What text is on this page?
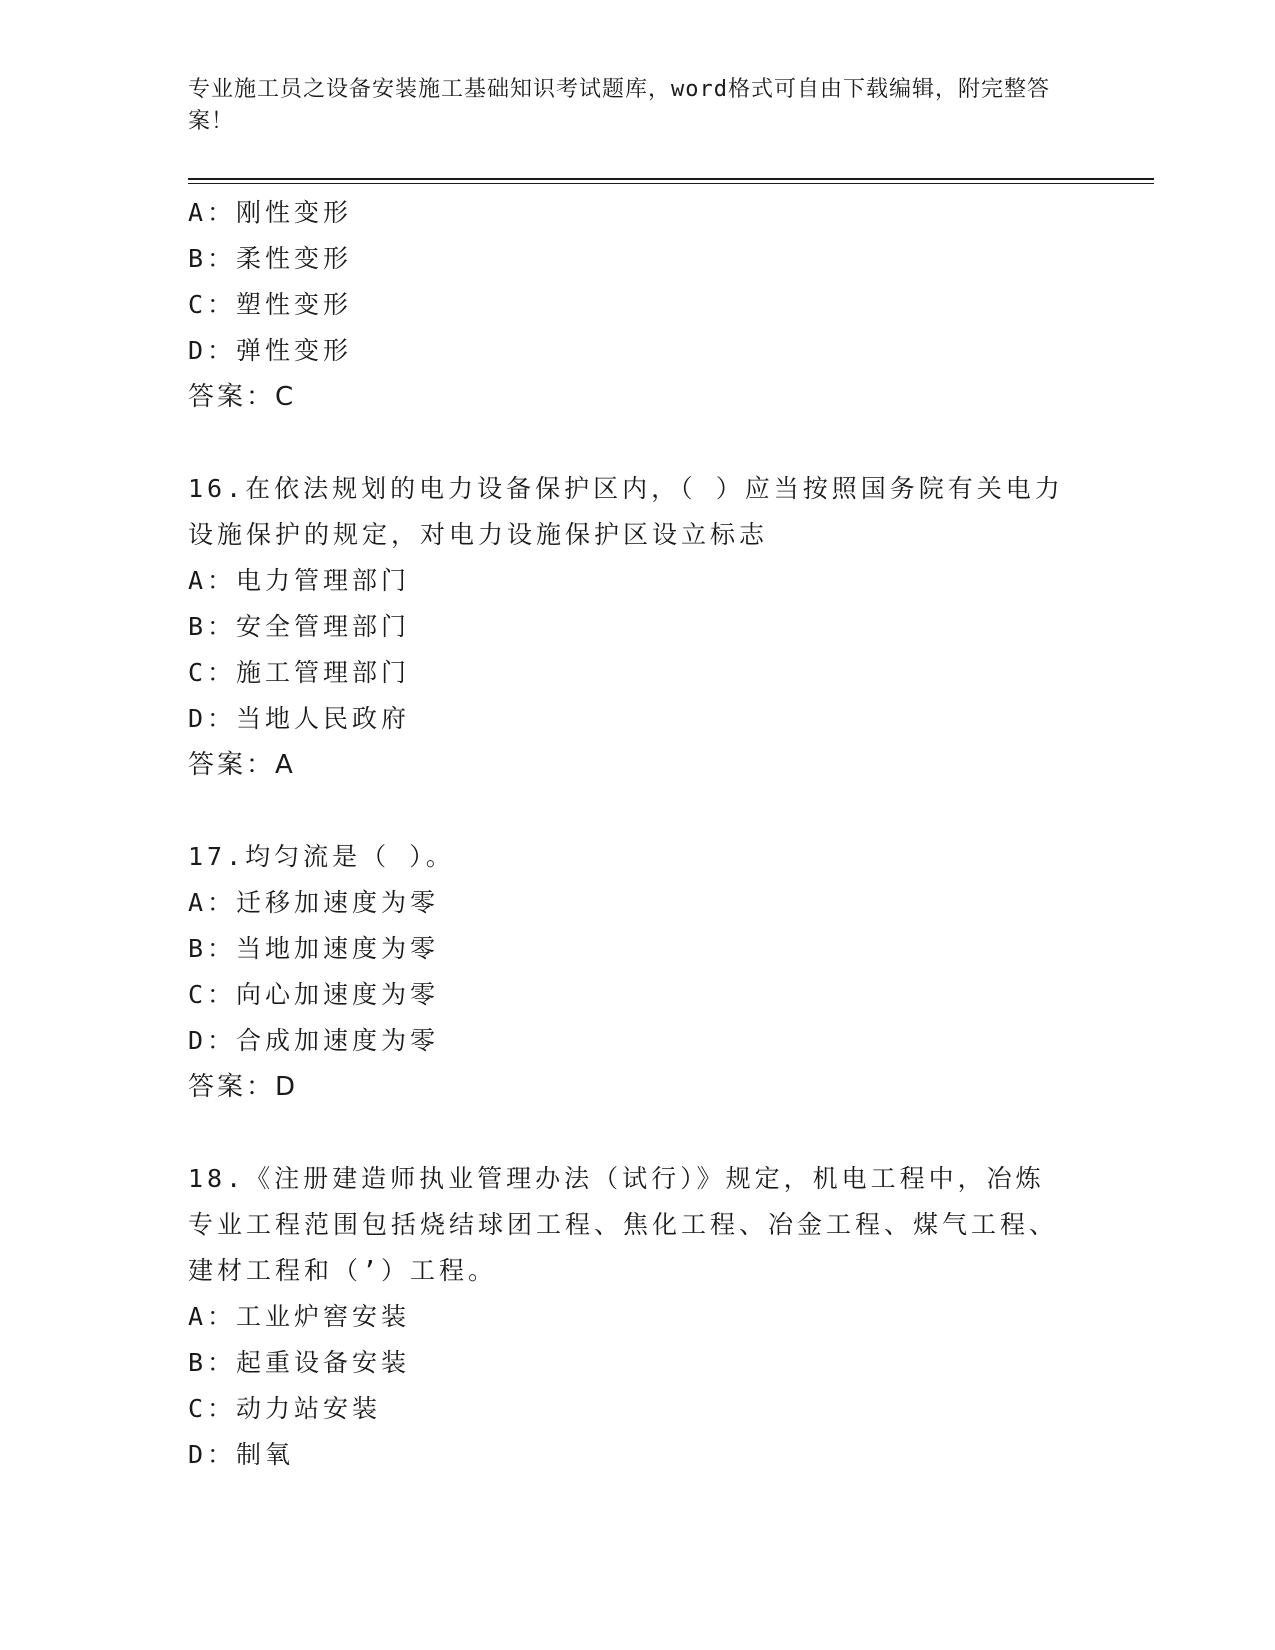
专业施工员之设备安装施工基础知识考试题库，word格式可自由下载编辑，附完整答案！
A：刚性变形
B：柔性变形
C：塑性变形
D：弹性变形
答案：C
16.在依法规划的电力设备保护区内，（ ）应当按照国务院有关电力设施保护的规定，对电力设施保护区设立标志
A：电力管理部门
B：安全管理部门
C：施工管理部门
D：当地人民政府
答案：A
17.均匀流是（ ）。
A：迁移加速度为零
B：当地加速度为零
C：向心加速度为零
D：合成加速度为零
答案：D
18.《注册建造师执业管理办法（试行）》规定，机电工程中，冶炼专业工程范围包括烧结球团工程、焦化工程、冶金工程、煤气工程、建材工程和（’）工程。
A：工业炉窖安装
B：起重设备安装
C：动力站安装
D：制氧
